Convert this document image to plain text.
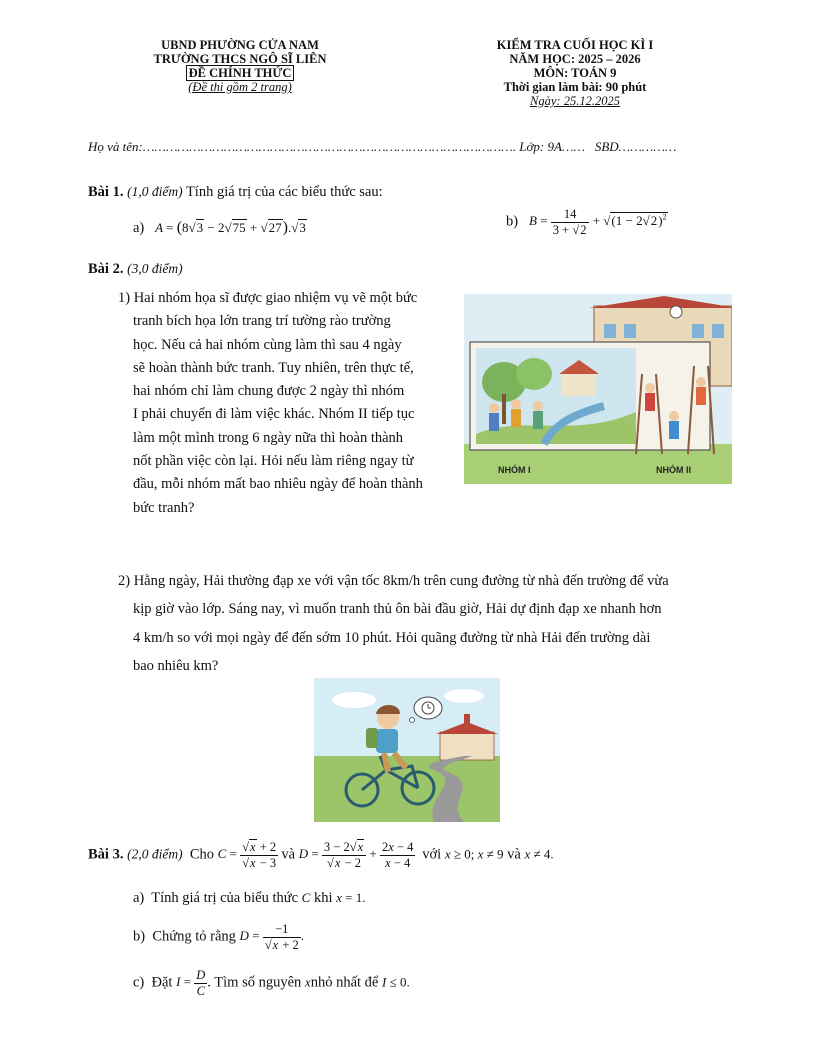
UBND PHƯỜNG CỬA NAM
TRƯỜNG THCS NGÔ SĨ LIÊN
ĐỀ CHÍNH THỨC
(Đề thi gồm 2 trang)
KIỂM TRA CUỐI HỌC KÌ I
NĂM HỌC: 2025 – 2026
MÔN: TOÁN 9
Thời gian làm bài: 90 phút
Ngày: 25.12.2025
Họ và tên:……………………………………………………………………………………. Lớp: 9A…… SBD……………
Bài 1. (1,0 điểm) Tính giá trị của các biểu thức sau:
a) A = (8√3 − 2√75 + √27).√3	b) $B = \frac{14}{3 + √2} + √(1 - 2√2)^2$
Bài 2. (3,0 điểm)
1) Hai nhóm họa sĩ được giao nhiệm vụ vẽ một bức
tranh bích họa lớn trang trí tường rào trường
học. Nếu cả hai nhóm cùng làm thì sau 4 ngày
sẽ hoàn thành bức tranh. Tuy nhiên, trên thực tế,
hai nhóm chỉ làm chung được 2 ngày thì nhóm
I phải chuyển đi làm việc khác. Nhóm II tiếp tục
làm một mình trong 6 ngày nữa thì hoàn thành
nốt phần việc còn lại. Hỏi nếu làm riêng ngay từ
đầu, mỗi nhóm mất bao nhiêu ngày để hoàn thành
bức tranh?
NHÓM I	NHÓM II
2) Hằng ngày, Hải thường đạp xe với vận tốc 8km/h trên cung đường từ nhà đến trường để vừa
kịp giờ vào lớp. Sáng nay, vì muốn tranh thủ ôn bài đầu giờ, Hải dự định đạp xe nhanh hơn
4 km/h so với mọi ngày để đến sớm 10 phút. Hỏi quãng đường từ nhà Hải đến trường dài
bao nhiêu km?
Bài 3. (2,0 điểm) Cho $C = \frac{√x + 2}{√x - 3}$ và $D = \frac{3 - 2√x}{√x - 2} + \frac{2x - 4}{x - 4}$ với x ≥ 0; x ≠ 9 và x ≠ 4.
a) Tính giá trị của biểu thức C khi x = 1.
b) Chứng tỏ rằng $D = \frac{-1}{√x + 2}$ .
c) Đặt $I = \frac{D}{C}$ . Tìm số nguyên xnhỏ nhất để I ≤ 0.
